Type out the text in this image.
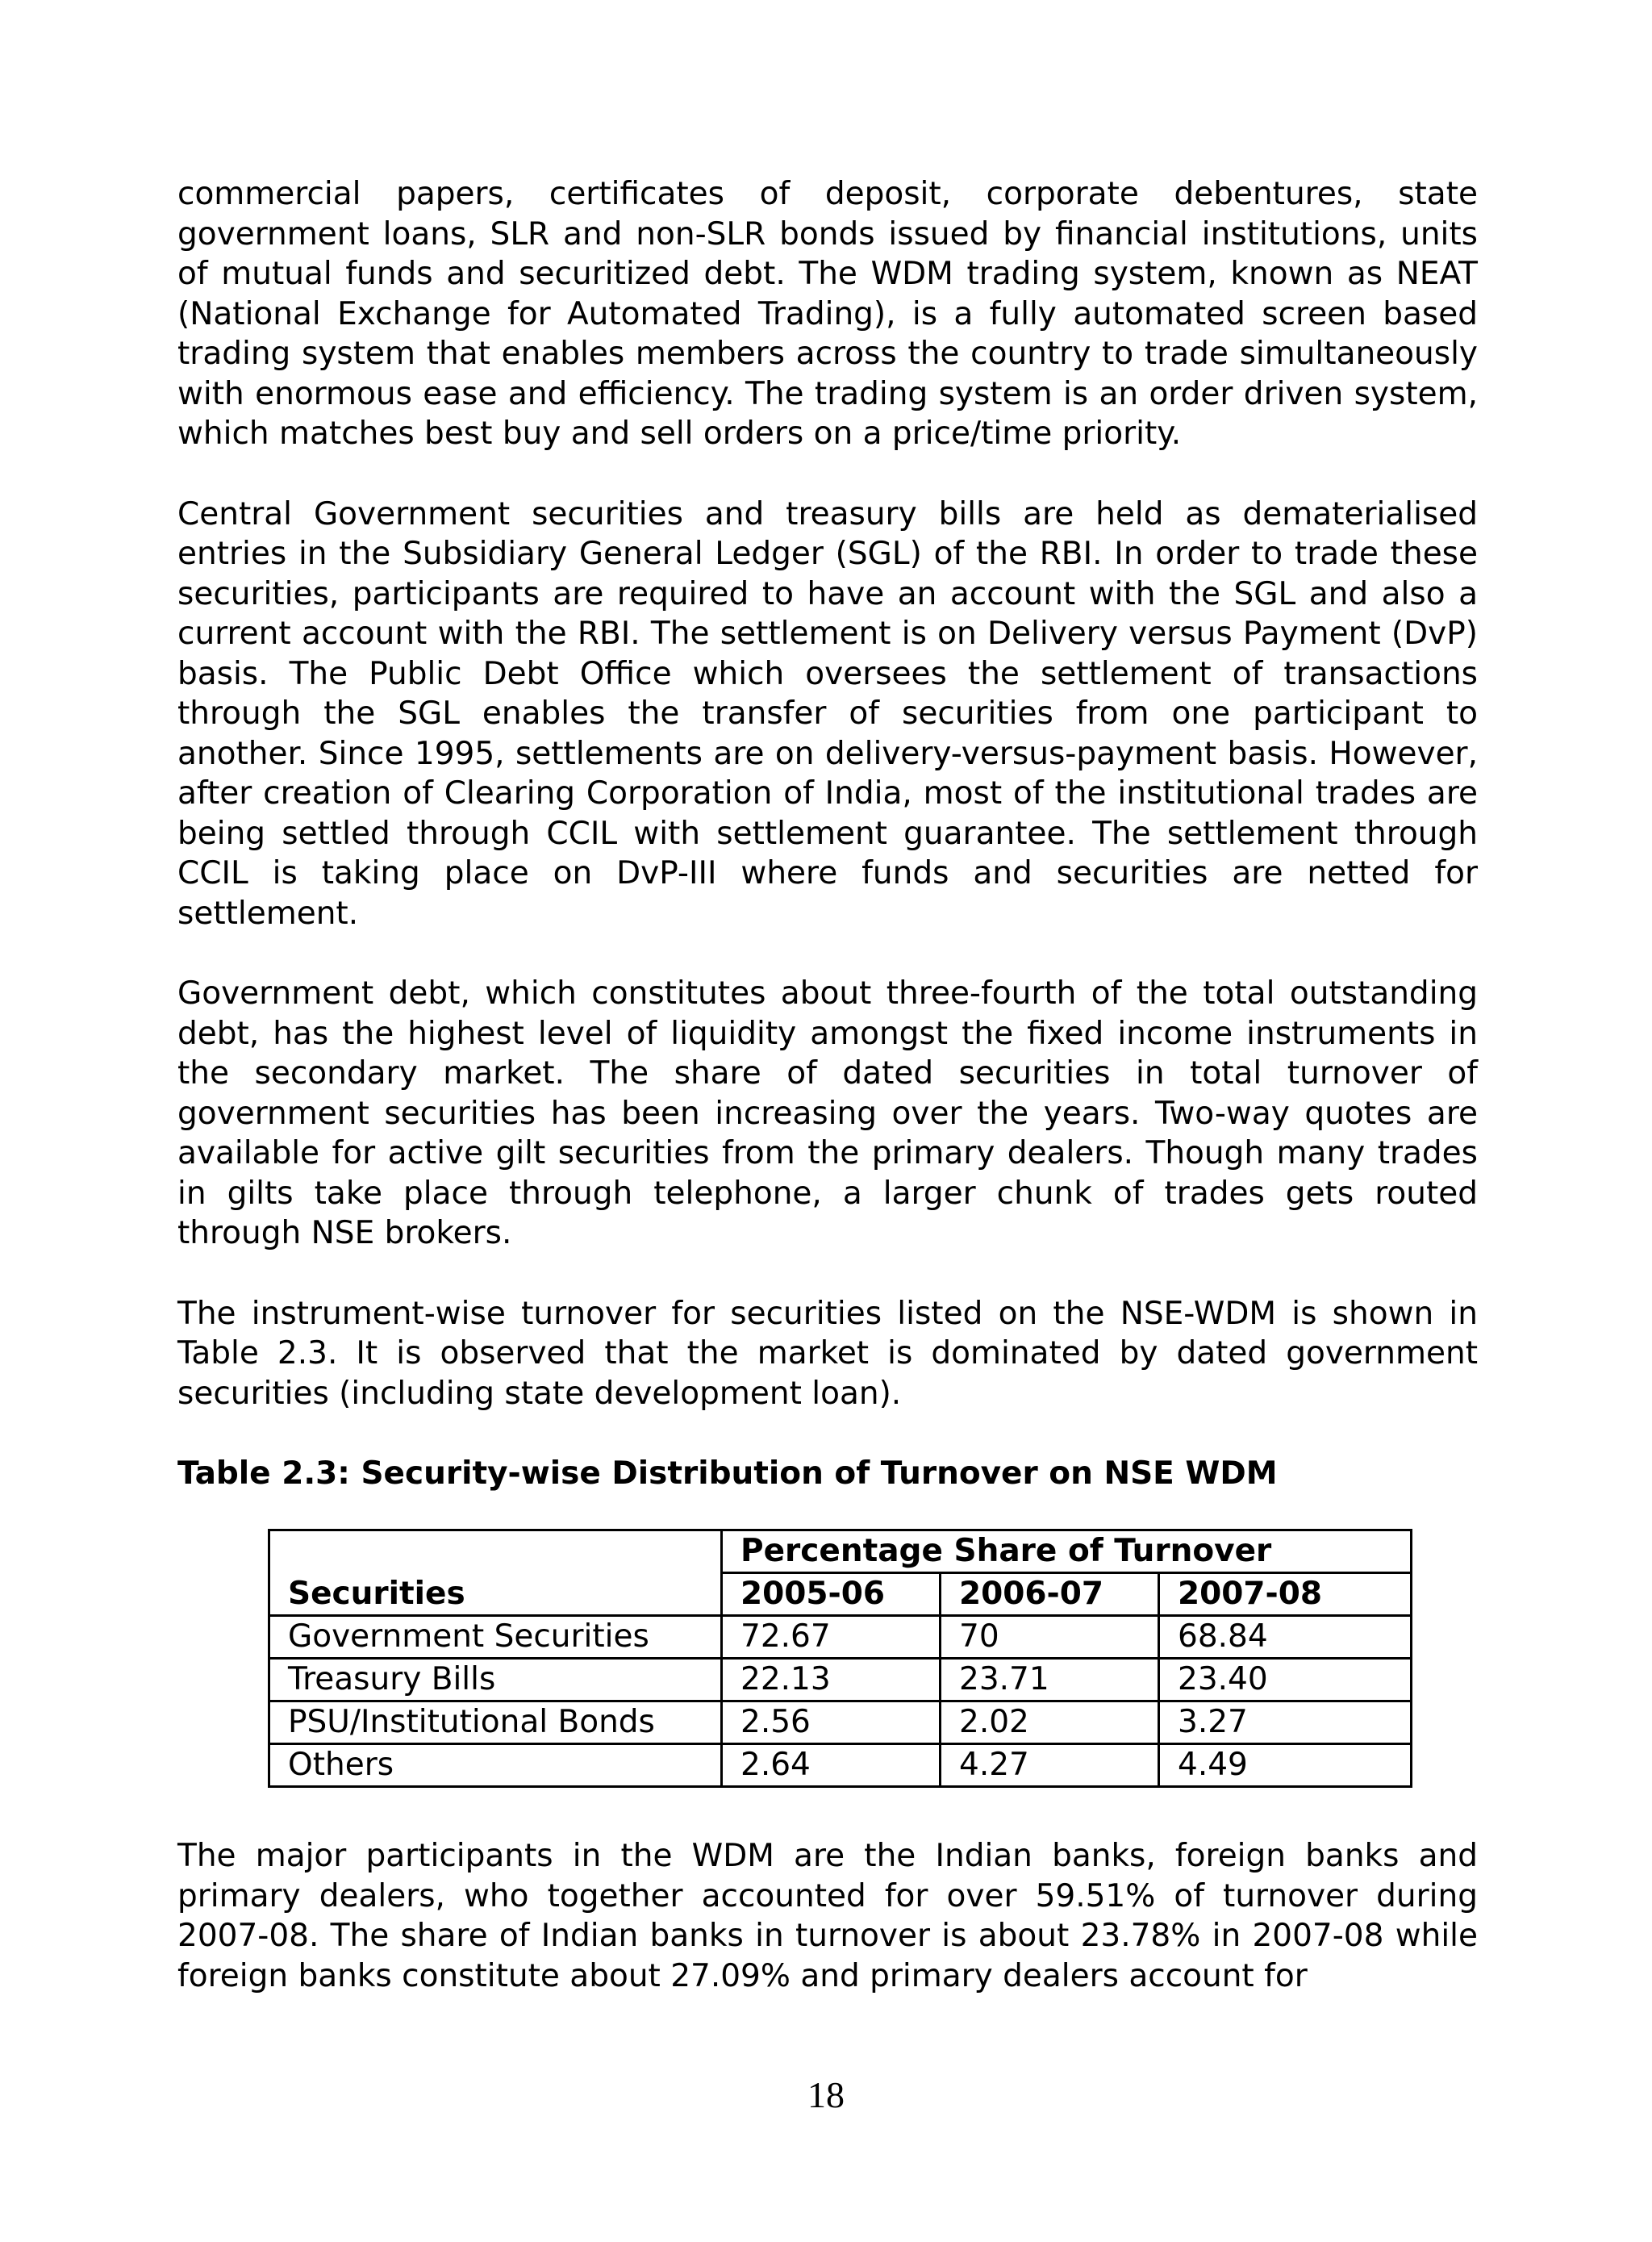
commercial papers, certificates of deposit, corporate debentures, state government loans, SLR and non-SLR bonds issued by financial institutions, units of mutual funds and securitized debt. The WDM trading system, known as NEAT (National Exchange for Automated Trading), is a fully automated screen based trading system that enables members across the country to trade simultaneously with enormous ease and efficiency. The trading system is an order driven system, which matches best buy and sell orders on a price/time priority.

Central Government securities and treasury bills are held as dematerialised entries in the Subsidiary General Ledger (SGL) of the RBI. In order to trade these securities, participants are required to have an account with the SGL and also a current account with the RBI. The settlement is on Delivery versus Payment (DvP) basis. The Public Debt Office which oversees the settlement of transactions through the SGL enables the transfer of securities from one participant to another. Since 1995, settlements are on delivery-versus-payment basis. However, after creation of Clearing Corporation of India, most of the institutional trades are being settled through CCIL with settlement guarantee. The settlement through CCIL is taking place on DvP-III where funds and securities are netted for settlement.

Government debt, which constitutes about three-fourth of the total outstanding debt, has the highest level of liquidity amongst the fixed income instruments in the secondary market. The share of dated securities in total turnover of government securities has been increasing over the years. Two-way quotes are available for active gilt securities from the primary dealers. Though many trades in gilts take place through telephone, a larger chunk of trades gets routed through NSE brokers.

The instrument-wise turnover for securities listed on the NSE-WDM is shown in Table 2.3. It is observed that the market is dominated by dated government securities (including state development loan).

Table 2.3: Security-wise Distribution of Turnover on NSE WDM
Securities	Percentage Share of Turnover		
	2005-06	2006-07	2007-08
Government Securities	72.67	70	68.84
Treasury Bills	22.13	23.71	23.40
PSU/Institutional Bonds	2.56	2.02	3.27
Others	2.64	4.27	4.49

The major participants in the WDM are the Indian banks, foreign banks and primary dealers, who together accounted for over 59.51% of turnover during 2007-08. The share of Indian banks in turnover is about 23.78% in 2007-08 while foreign banks constitute about 27.09% and primary dealers account for

18
